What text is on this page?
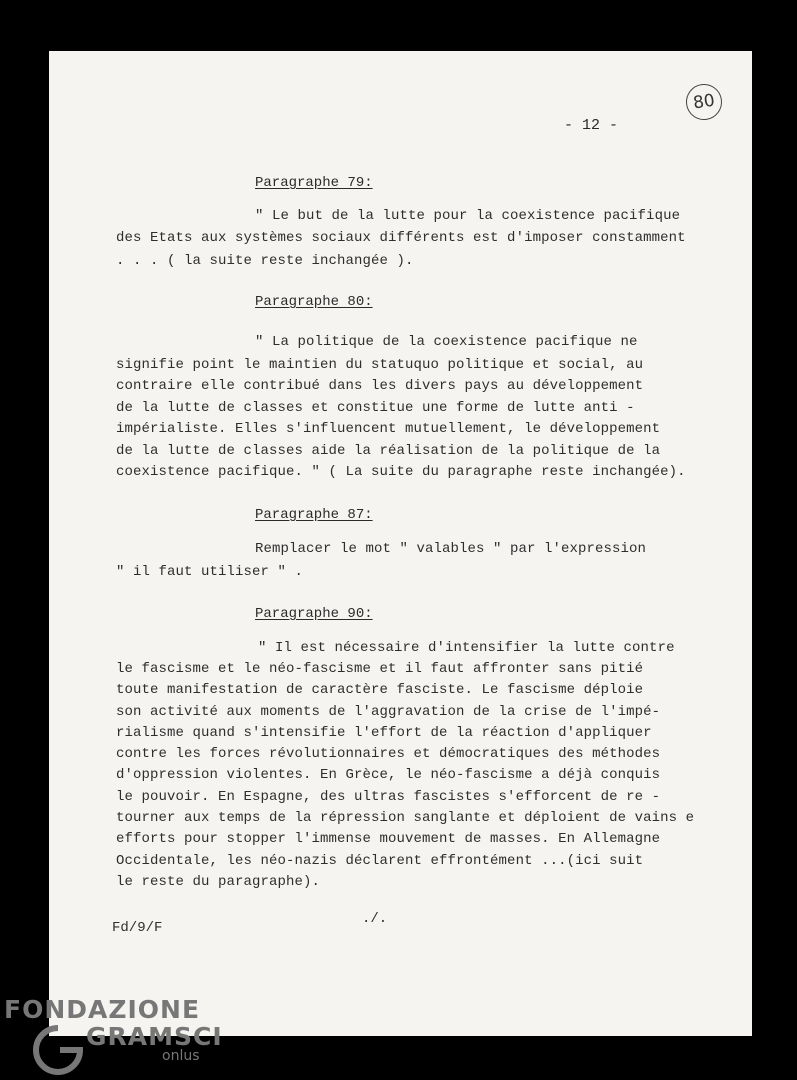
- 12 -
80
Paragraphe 79:
" Le but de la lutte pour la coexistence pacifique
des Etats aux systèmes sociaux différents est d'imposer constamment
. . . ( la suite reste inchangée ).
Paragraphe 80:
" La politique de la coexistence pacifique ne
signifie point le maintien du statuquo politique et social, au
contraire elle contribué dans les divers pays au développement
de la lutte de classes et constitue une forme de lutte anti -
impérialiste. Elles s'influencent mutuellement, le développement
de la lutte de classes aide la réalisation de la politique de la
coexistence pacifique. " ( La suite du paragraphe reste inchangée).
Paragraphe 87:
Remplacer le mot " valables " par l'expression
" il faut utiliser " .
Paragraphe 90:
" Il est nécessaire d'intensifier la lutte contre
le fascisme et le néo-fascisme et il faut affronter sans pitié
toute manifestation de caractère fasciste. Le fascisme déploie
son activité aux moments de l'aggravation de la crise de l'impé-
rialisme quand s'intensifie l'effort de la réaction d'appliquer
contre les forces révolutionnaires et démocratiques des méthodes
d'oppression violentes. En Grèce, le néo-fascisme a déjà conquis
le pouvoir. En Espagne, des ultras fascistes s'efforcent de re -
tourner aux temps de la répression sanglante et déploient de vains e
efforts pour stopper l'immense mouvement de masses. En Allemagne
Occidentale, les néo-nazis déclarent effrontément ...(ici suit
le reste du paragraphe).
./.
Fd/9/F
FONDAZIONE
GRAMSCI
onlus
